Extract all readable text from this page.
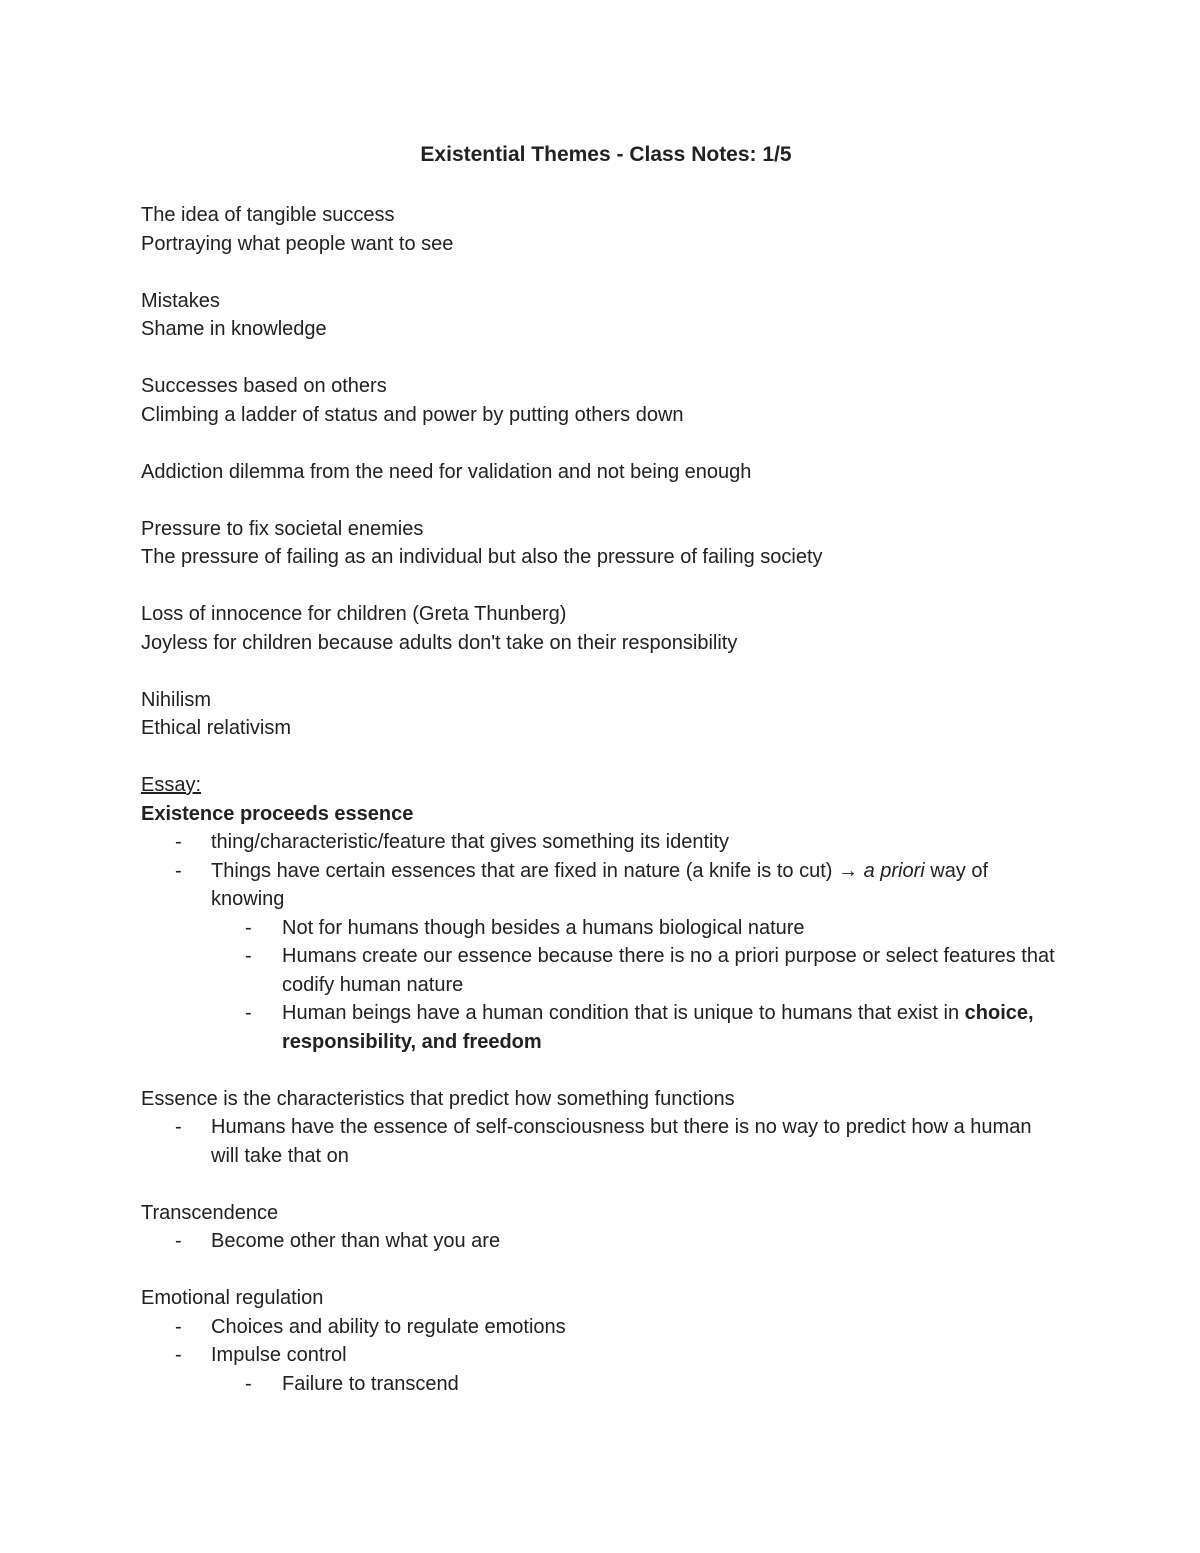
Existential Themes - Class Notes: 1/5

The idea of tangible success

Portraying what people want to see

Mistakes

Shame in knowledge

Successes based on others

Climbing a ladder of status and power by putting others down

Addiction dilemma from the need for validation and not being enough

Pressure to fix societal enemies

The pressure of failing as an individual but also the pressure of failing society

Loss of innocence for children (Greta Thunberg)

Joyless for children because adults don't take on their responsibility

Nihilism

Ethical relativism

Essay:

Existence proceeds essence

- thing/characteristic/feature that gives something its identity
- Things have certain essences that are fixed in nature (a knife is to cut) → a priori way of knowing
- Not for humans though besides a humans biological nature
- Humans create our essence because there is no a priori purpose or select features that codify human nature
- Human beings have a human condition that is unique to humans that exist in choice, responsibility, and freedom

Essence is the characteristics that predict how something functions

- Humans have the essence of self-consciousness but there is no way to predict how a human will take that on

Transcendence

- Become other than what you are

Emotional regulation

- Choices and ability to regulate emotions
- Impulse control
- Failure to transcend
